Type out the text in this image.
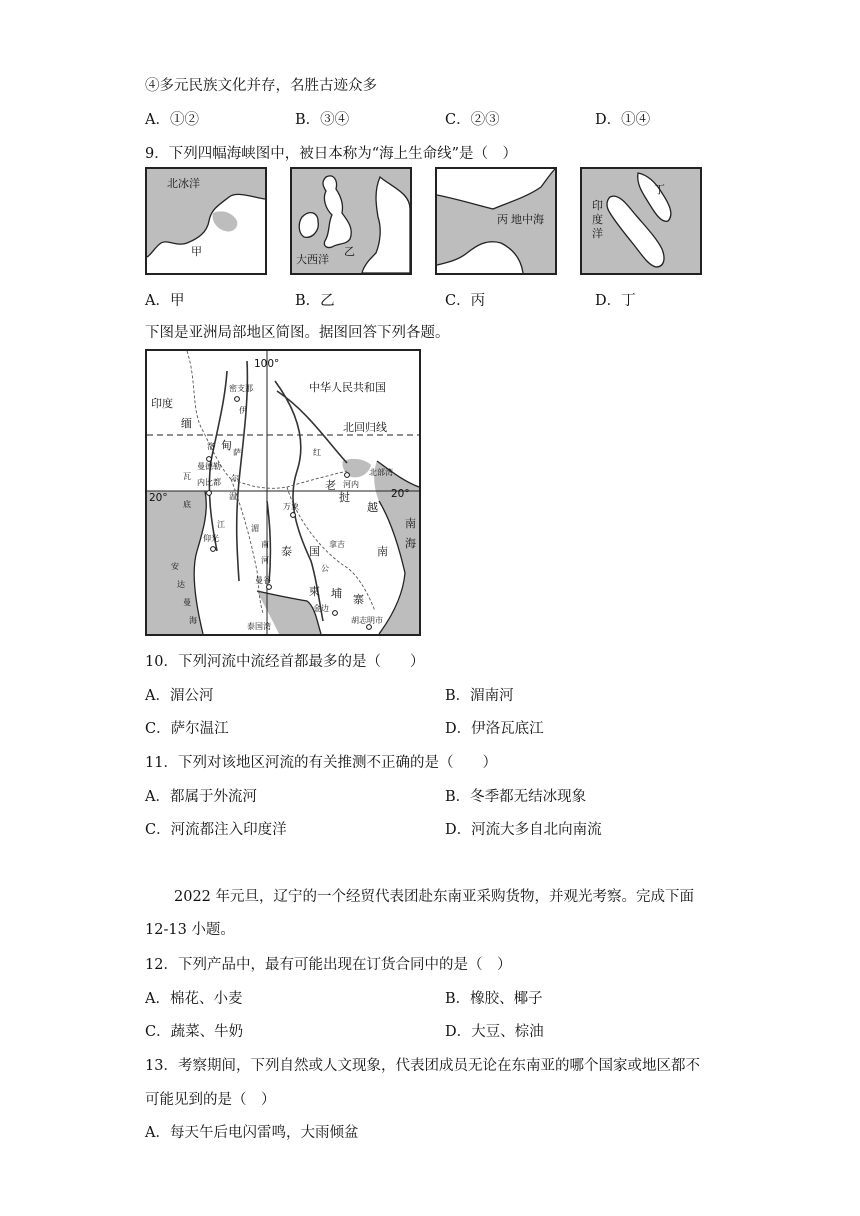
④多元民族文化并存，名胜古迹众多
A．①②	B．③④	C．②③	D．①④
9．下列四幅海峡图中，被日本称为“海上生命线”是（　）
北冰洋
甲
大西洋
乙
丙 地中海
丁
印
度
洋
A．甲	B．乙	C．丙	D．丁
下图是亚洲局部地区简图。据图回答下列各题。
100°
20°	20°
中华人民共和国
北回归线
印度
北部湾
泰国湾
南
海
密支那
曼德勒
内比都
仰光
河内
万象
曼谷
金边
拿吉
胡志明市
缅
甸
老
挝
泰 国
柬 埔 寨
越
南
伊
洛
瓦
底
江
萨
尔
温
湄
南
河
红
公
安
达
曼
海
10．下列河流中流经首都最多的是（　　）
A．湄公河	B．湄南河
C．萨尔温江	D．伊洛瓦底江
11．下列对该地区河流的有关推测不正确的是（　　）
A．都属于外流河	B．冬季都无结冰现象
C．河流都注入印度洋	D．河流大多自北向南流
2022 年元旦，辽宁的一个经贸代表团赴东南亚采购货物，并观光考察。完成下面
12-13 小题。
12．下列产品中，最有可能出现在订货合同中的是（　）
A．棉花、小麦	B．橡胶、椰子
C．蔬菜、牛奶	D．大豆、棕油
13．考察期间，下列自然或人文现象，代表团成员无论在东南亚的哪个国家或地区都不
可能见到的是（　）
A．每天午后电闪雷鸣，大雨倾盆
